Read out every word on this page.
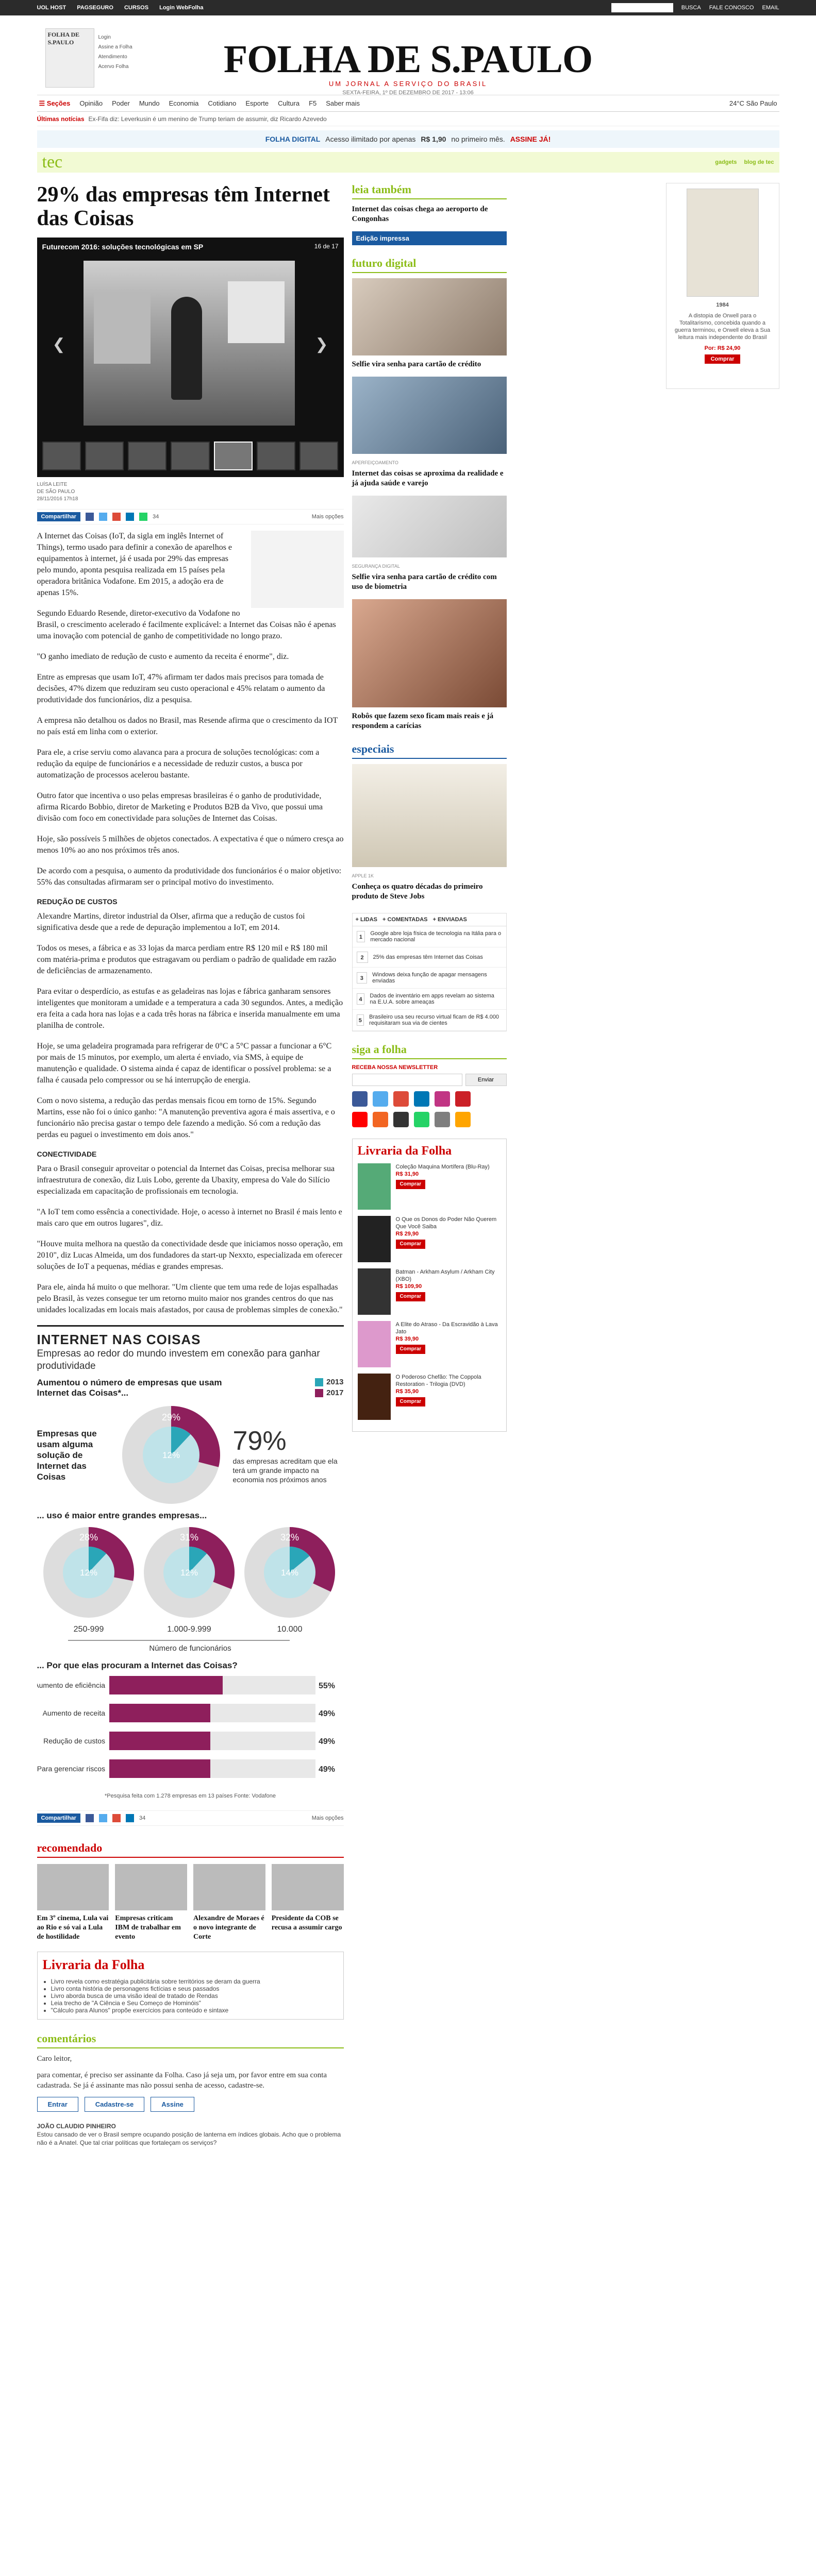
UOL HOST PAGSEGURO CURSOS Login WebFolha	BUSCA FALE CONOSCO EMAIL
FOLHA DE S.PAULO
Login
Assine a Folha
Atendimento
Acervo Folha	FOLHA DE S.PAULO
UM JORNAL A SERVIÇO DO BRASIL
SEXTA-FEIRA, 1º DE DEZEMBRO DE 2017 - 13:06
☰ Seções Opinião Poder Mundo Economia Cotidiano Esporte Cultura F5 Saber mais	24°C São Paulo
Últimas notícias Ex-Fifa diz: Leverkusin é um menino de Trump teriam de assumir, diz Ricardo Azevedo
FOLHA DIGITAL Acesso ilimitado por apenas R$ 1,90 no primeiro mês. ASSINE JÁ!
tec	gadgets blog de tec
29% das empresas têm Internet das Coisas
Futurecom 2016: soluções tecnológicas em SP	16 de 17
❮	❯
LUÍSA LEITE
DE SÃO PAULO
28/11/2016 17h18
Compartilhar	34	Mais opções

A Internet das Coisas (IoT, da sigla em inglês Internet of Things), termo usado para definir a conexão de aparelhos e equipamentos à internet, já é usada por 29% das empresas pelo mundo, aponta pesquisa realizada em 15 países pela operadora britânica Vodafone. Em 2015, a adoção era de apenas 15%.

Segundo Eduardo Resende, diretor-executivo da Vodafone no Brasil, o crescimento acelerado é facilmente explicável: a Internet das Coisas não é apenas uma inovação com potencial de ganho de competitividade no longo prazo.

"O ganho imediato de redução de custo e aumento da receita é enorme", diz.

Entre as empresas que usam IoT, 47% afirmam ter dados mais precisos para tomada de decisões, 47% dizem que reduziram seu custo operacional e 45% relatam o aumento da produtividade dos funcionários, diz a pesquisa.

A empresa não detalhou os dados no Brasil, mas Resende afirma que o crescimento da IOT no país está em linha com o exterior.

Para ele, a crise serviu como alavanca para a procura de soluções tecnológicas: com a redução da equipe de funcionários e a necessidade de reduzir custos, a busca por automatização de processos acelerou bastante.

Outro fator que incentiva o uso pelas empresas brasileiras é o ganho de produtividade, afirma Ricardo Bobbio, diretor de Marketing e Produtos B2B da Vivo, que possui uma divisão com foco em conectividade para soluções de Internet das Coisas.

Hoje, são possíveis 5 milhões de objetos conectados. A expectativa é que o número cresça ao menos 10% ao ano nos próximos três anos.

De acordo com a pesquisa, o aumento da produtividade dos funcionários é o maior objetivo: 55% das consultadas afirmaram ser o principal motivo do investimento.

REDUÇÃO DE CUSTOS

Alexandre Martins, diretor industrial da Olser, afirma que a redução de custos foi significativa desde que a rede de depuração implementou a IoT, em 2014.

Todos os meses, a fábrica e as 33 lojas da marca perdiam entre R$ 120 mil e R$ 180 mil com matéria-prima e produtos que estragavam ou perdiam o padrão de qualidade em razão de deficiências de armazenamento.

Para evitar o desperdício, as estufas e as geladeiras nas lojas e fábrica ganharam sensores inteligentes que monitoram a umidade e a temperatura a cada 30 segundos. Antes, a medição era feita a cada hora nas lojas e a cada três horas na fábrica e inserida manualmente em uma planilha de controle.

Hoje, se uma geladeira programada para refrigerar de 0°C a 5°C passar a funcionar a 6°C por mais de 15 minutos, por exemplo, um alerta é enviado, via SMS, à equipe de manutenção e qualidade. O sistema ainda é capaz de identificar o possível problema: se a falha é causada pelo compressor ou se há interrupção de energia.

Com o novo sistema, a redução das perdas mensais ficou em torno de 15%. Segundo Martins, esse não foi o único ganho: "A manutenção preventiva agora é mais assertiva, e o funcionário não precisa gastar o tempo dele fazendo a medição. Só com a redução das perdas eu paguei o investimento em dois anos."

CONECTIVIDADE

Para o Brasil conseguir aproveitar o potencial da Internet das Coisas, precisa melhorar sua infraestrutura de conexão, diz Luis Lobo, gerente da Ubaxity, empresa do Vale do Silício especializada em capacitação de profissionais em tecnologia.

"A IoT tem como essência a conectividade. Hoje, o acesso à internet no Brasil é mais lento e mais caro que em outros lugares", diz.

"Houve muita melhora na questão da conectividade desde que iniciamos nosso operação, em 2010", diz Lucas Almeida, um dos fundadores da start-up Nexxto, especializada em oferecer soluções de IoT a pequenas, médias e grandes empresas.

Para ele, ainda há muito o que melhorar. "Um cliente que tem uma rede de lojas espalhadas pelo Brasil, às vezes consegue ter um retorno muito maior nos grandes centros do que nas unidades localizadas em locais mais afastados, por causa de problemas simples de conexão."

INTERNET NAS COISAS
Empresas ao redor do mundo investem em conexão para ganhar produtividade
Aumentou o número de empresas que usam Internet das Coisas*...
2013
2017
Empresas que usam alguma solução de Internet das Coisas
29%
12% 79%
das empresas acreditam que ela terá um grande impacto na economia nos próximos anos
... uso é maior entre grandes empresas...
28%
12%
250-999
31%
12%
1.000-9.999
32%
14%
10.000
Número de funcionários
... Por que elas procuram a Internet das Coisas?
Aumento de eficiência	55%
Aumento de receita	49%
Redução de custos	49%
Para gerenciar riscos	49%
*Pesquisa feita com 1.278 empresas em 13 países Fonte: Vodafone
Compartilhar	34	Mais opções
recomendado
Em 3º cinema, Lula vai ao Rio e só vai a Lula de hostilidade
Empresas criticam IBM de trabalhar em evento
Alexandre de Moraes é o novo integrante de Corte
Presidente da COB se recusa a assumir cargo
Livraria da Folha
• Livro revela como estratégia publicitária sobre territórios se deram da guerra
• Livro conta história de personagens fictícias e seus passados
• Livro aborda busca de uma visão ideal de tratado de Rendas
• Leia trecho de "A Ciência e Seu Começo de Hominóis"
• "Cálculo para Alunos" propõe exercícios para conteúdo e sintaxe
comentários

Caro leitor,

para comentar, é preciso ser assinante da Folha. Caso já seja um, por favor entre em sua conta cadastrada. Se já é assinante mas não possui senha de acesso, cadastre-se.

Entrar	Cadastre-se	Assine
JOÃO CLAUDIO PINHEIRO
Estou cansado de ver o Brasil sempre ocupando posição de lanterna em índices globais. Acho que o problema não é a Anatel. Que tal criar políticas que fortaleçam os serviços?
leia também
Internet das coisas chega ao aeroporto de Congonhas
Edição impressa
futuro digital
Selfie vira senha para cartão de crédito
APERFEIÇOAMENTO
Internet das coisas se aproxima da realidade e já ajuda saúde e varejo
SEGURANÇA DIGITAL
Selfie vira senha para cartão de crédito com uso de biometria
Robôs que fazem sexo ficam mais reais e já respondem a carícias
especiais
APPLE 1K
Conheça os quatro décadas do primeiro produto de Steve Jobs
+ LIDAS + COMENTADAS + ENVIADAS
1
Google abre loja física de tecnologia na Itália para o mercado nacional
2	25% das empresas têm Internet das Coisas
3
Windows deixa função de apagar mensagens enviadas
4
Dados de inventário em apps revelam ao sistema na E.U.A. sobre ameaças
5
Brasileiro usa seu recurso virtual ficam de R$ 4.000 requisitaram sua via de cientes
siga a folha
RECEBA NOSSA NEWSLETTER
Enviar
Livraria da Folha
Coleção Maquina Mortífera (Blu-Ray)
R$ 31,90
Comprar
O Que os Donos do Poder Não Querem Que Você Saiba
R$ 29,90
Comprar
Batman - Arkham Asylum / Arkham City (XBO)
R$ 109,90
Comprar
A Elite do Atraso - Da Escravidão à Lava Jato
R$ 39,90
Comprar
O Poderoso Chefão: The Coppola Restoration - Trilogia (DVD)
R$ 35,90
Comprar
1984
A distopia de Orwell para o Totalitarismo, concebida quando a guerra terminou, e Orwell eleva a Sua leitura mais independente do Brasil
Por: R$ 24,90
Comprar
